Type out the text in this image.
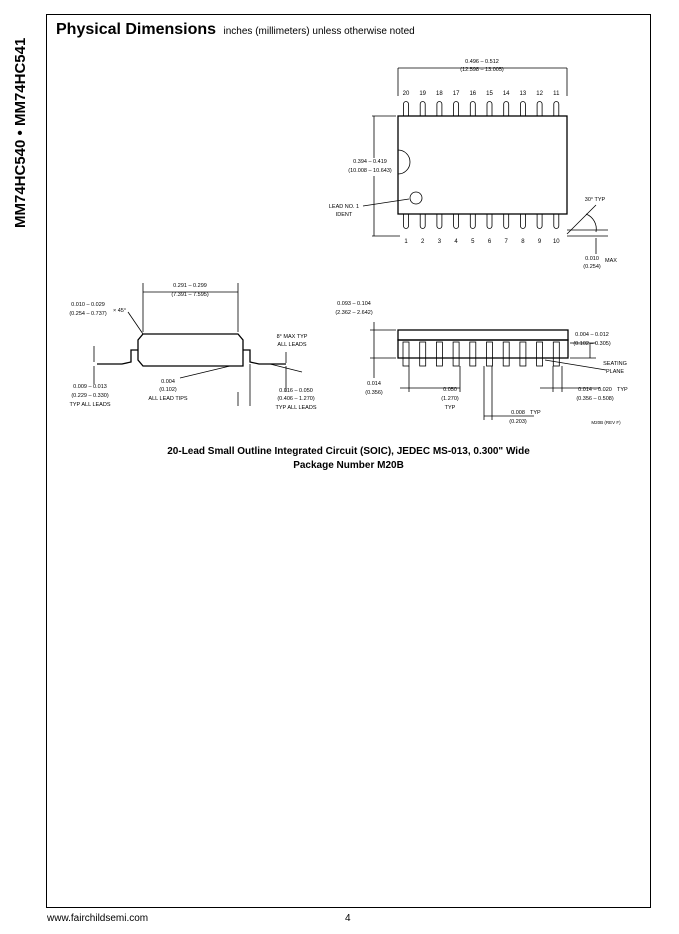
MM74HC540 • MM74HC541
Physical Dimensions inches (millimeters) unless otherwise noted
0.496 – 0.512
(12.598 – 13.005)
0.394 – 0.419
(10.008 – 10.643)
LEAD NO. 1
IDENT
30° TYP
0.010 MAX
(0.254)
0.291 – 0.299
(7.391 – 7.595)
0.010 – 0.029
(0.254 – 0.737) × 45°
8° MAX TYP
ALL LEADS
0.009 – 0.013
(0.229 – 0.330)
TYP ALL LEADS
0.004
(0.102)
ALL LEAD TIPS
0.016 – 0.050
(0.406 – 1.270)
TYP ALL LEADS
0.093 – 0.104
(2.362 – 2.642)
0.004 – 0.012
(0.102 – 0.305)
SEATING
PLANE
0.014
(0.356)	0.050
(1.270)
TYP
0.014 – 0.020 TYP
(0.356 – 0.508)
0.008 TYP
(0.203)	M20B (REV F)
20
1
19
2
18
3
17
4
16
5
15
6
14
7
13
8
12
9
11
10
20-Lead Small Outline Integrated Circuit (SOIC), JEDEC MS-013, 0.300" Wide
Package Number M20B
www.fairchildsemi.com	4
